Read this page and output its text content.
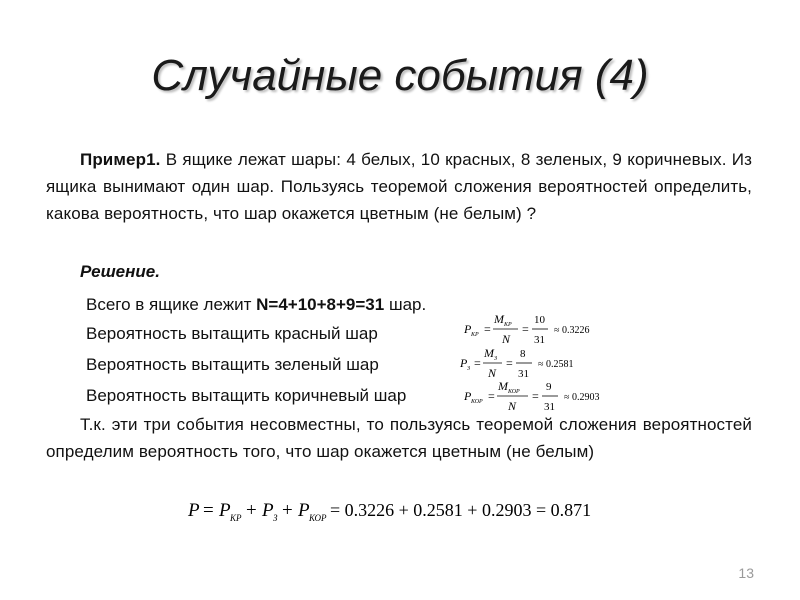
Случайные события (4)
Пример1. В ящике лежат шары: 4 белых, 10 красных, 8 зеленых, 9 коричневых. Из ящика вынимают один шар. Пользуясь теоремой сложения вероятностей определить, какова вероятность, что шар окажется цветным (не белым) ?
Решение.
Всего в ящике лежит N=4+10+8+9=31 шар.
Вероятность вытащить красный шар
Вероятность вытащить зеленый шар
Вероятность вытащить коричневый шар
P КР =
M КР
N
=
10
31
≈ 0.3226
P З =
M З
N
=
8
31
≈ 0.2581
P КОР =
M КОР
N
=
9
31
≈ 0.2903
Т.к. эти три события несовместны, то пользуясь теоремой сложения вероятностей определим вероятность того, что шар окажется цветным (не белым)
P = P КР + P З + P КОР = 0.3226 + 0.2581 + 0.2903 = 0.871
13
